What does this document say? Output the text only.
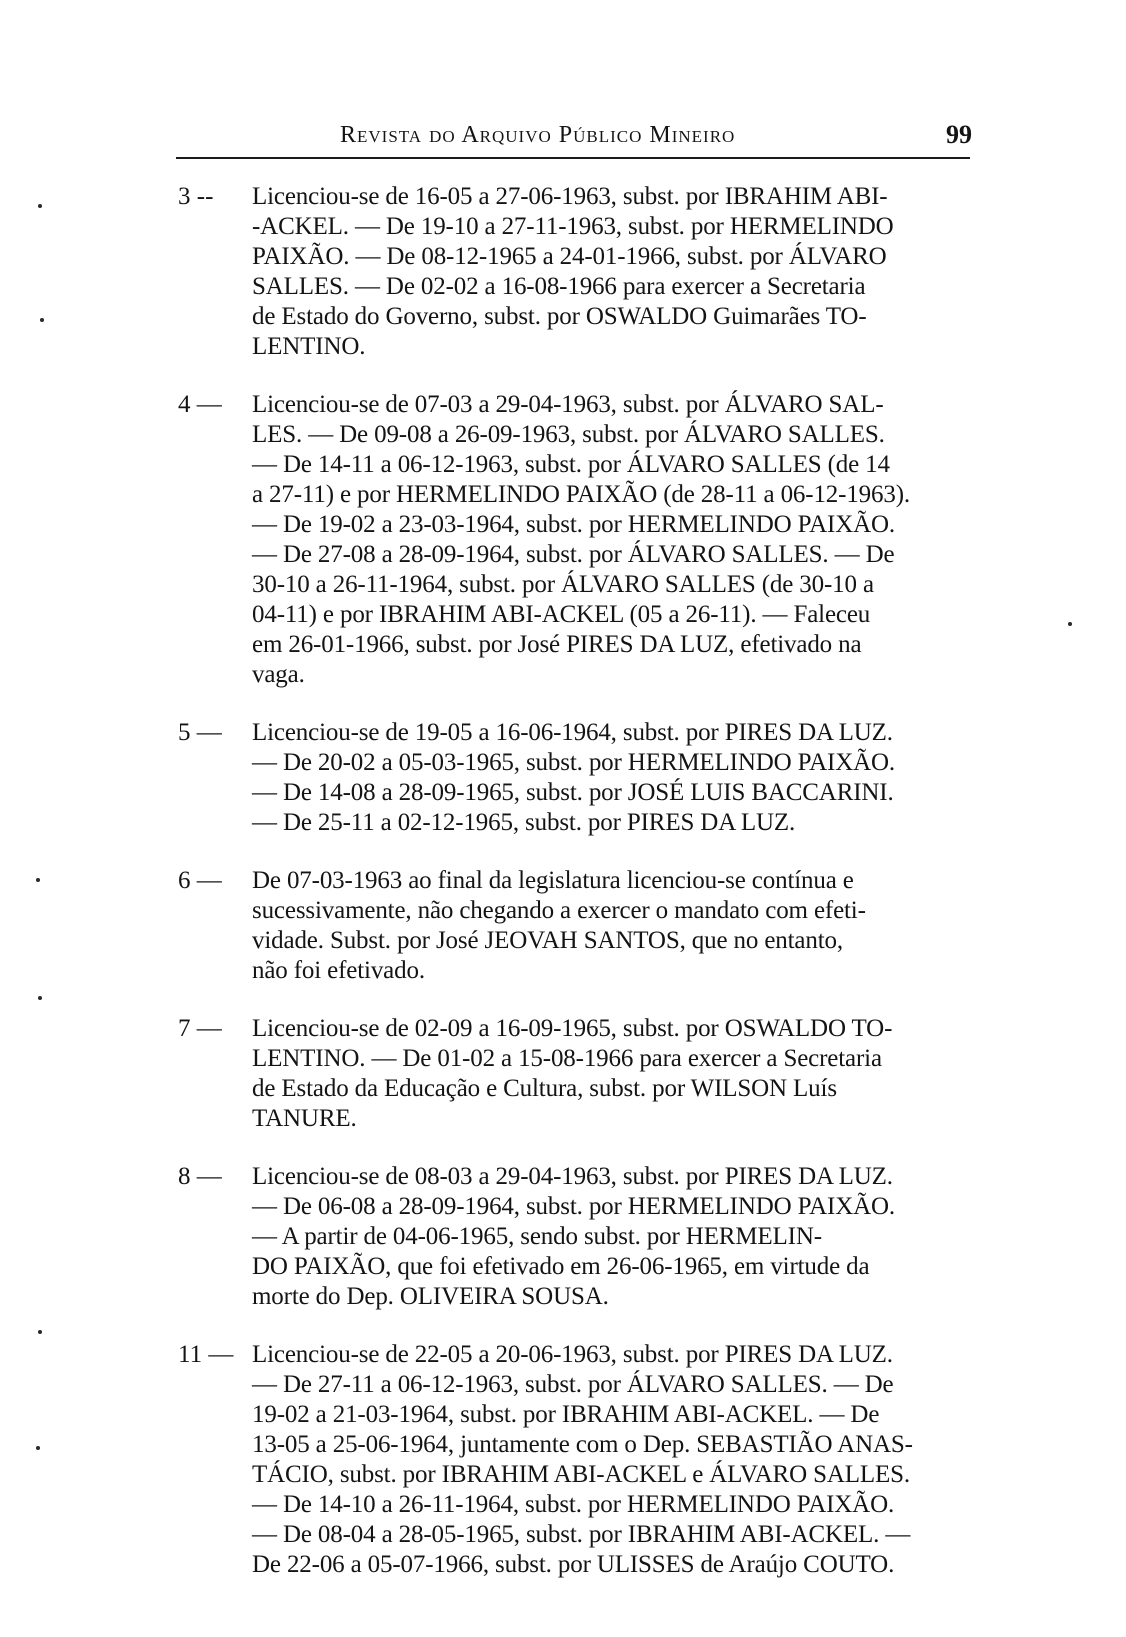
Revista do Arquivo Público Mineiro	99
3 --	Licenciou-se de 16-05 a 27-06-1963, subst. por IBRAHIM ABI-
-ACKEL. — De 19-10 a 27-11-1963, subst. por HERMELINDO
PAIXÃO. — De 08-12-1965 a 24-01-1966, subst. por ÁLVARO
SALLES. — De 02-02 a 16-08-1966 para exercer a Secretaria
de Estado do Governo, subst. por OSWALDO Guimarães TO-
LENTINO.
4 —	Licenciou-se de 07-03 a 29-04-1963, subst. por ÁLVARO SAL-
LES. — De 09-08 a 26-09-1963, subst. por ÁLVARO SALLES.
— De 14-11 a 06-12-1963, subst. por ÁLVARO SALLES (de 14
a 27-11) e por HERMELINDO PAIXÃO (de 28-11 a 06-12-1963).
— De 19-02 a 23-03-1964, subst. por HERMELINDO PAIXÃO.
— De 27-08 a 28-09-1964, subst. por ÁLVARO SALLES. — De
30-10 a 26-11-1964, subst. por ÁLVARO SALLES (de 30-10 a
04-11) e por IBRAHIM ABI-ACKEL (05 a 26-11). — Faleceu
em 26-01-1966, subst. por José PIRES DA LUZ, efetivado na
vaga.
5 —	Licenciou-se de 19-05 a 16-06-1964, subst. por PIRES DA LUZ.
— De 20-02 a 05-03-1965, subst. por HERMELINDO PAIXÃO.
— De 14-08 a 28-09-1965, subst. por JOSÉ LUIS BACCARINI.
— De 25-11 a 02-12-1965, subst. por PIRES DA LUZ.
6 —	De 07-03-1963 ao final da legislatura licenciou-se contínua e
sucessivamente, não chegando a exercer o mandato com efeti-
vidade. Subst. por José JEOVAH SANTOS, que no entanto,
não foi efetivado.
7 —	Licenciou-se de 02-09 a 16-09-1965, subst. por OSWALDO TO-
LENTINO. — De 01-02 a 15-08-1966 para exercer a Secretaria
de Estado da Educação e Cultura, subst. por WILSON Luís
TANURE.
8 —	Licenciou-se de 08-03 a 29-04-1963, subst. por PIRES DA LUZ.
— De 06-08 a 28-09-1964, subst. por HERMELINDO PAIXÃO.
— A partir de 04-06-1965, sendo subst. por HERMELIN-
DO PAIXÃO, que foi efetivado em 26-06-1965, em virtude da
morte do Dep. OLIVEIRA SOUSA.
11 — Licenciou-se de 22-05 a 20-06-1963, subst. por PIRES DA LUZ.
— De 27-11 a 06-12-1963, subst. por ÁLVARO SALLES. — De
19-02 a 21-03-1964, subst. por IBRAHIM ABI-ACKEL. — De
13-05 a 25-06-1964, juntamente com o Dep. SEBASTIÃO ANAS-
TÁCIO, subst. por IBRAHIM ABI-ACKEL e ÁLVARO SALLES.
— De 14-10 a 26-11-1964, subst. por HERMELINDO PAIXÃO.
— De 08-04 a 28-05-1965, subst. por IBRAHIM ABI-ACKEL. —
De 22-06 a 05-07-1966, subst. por ULISSES de Araújo COUTO.
